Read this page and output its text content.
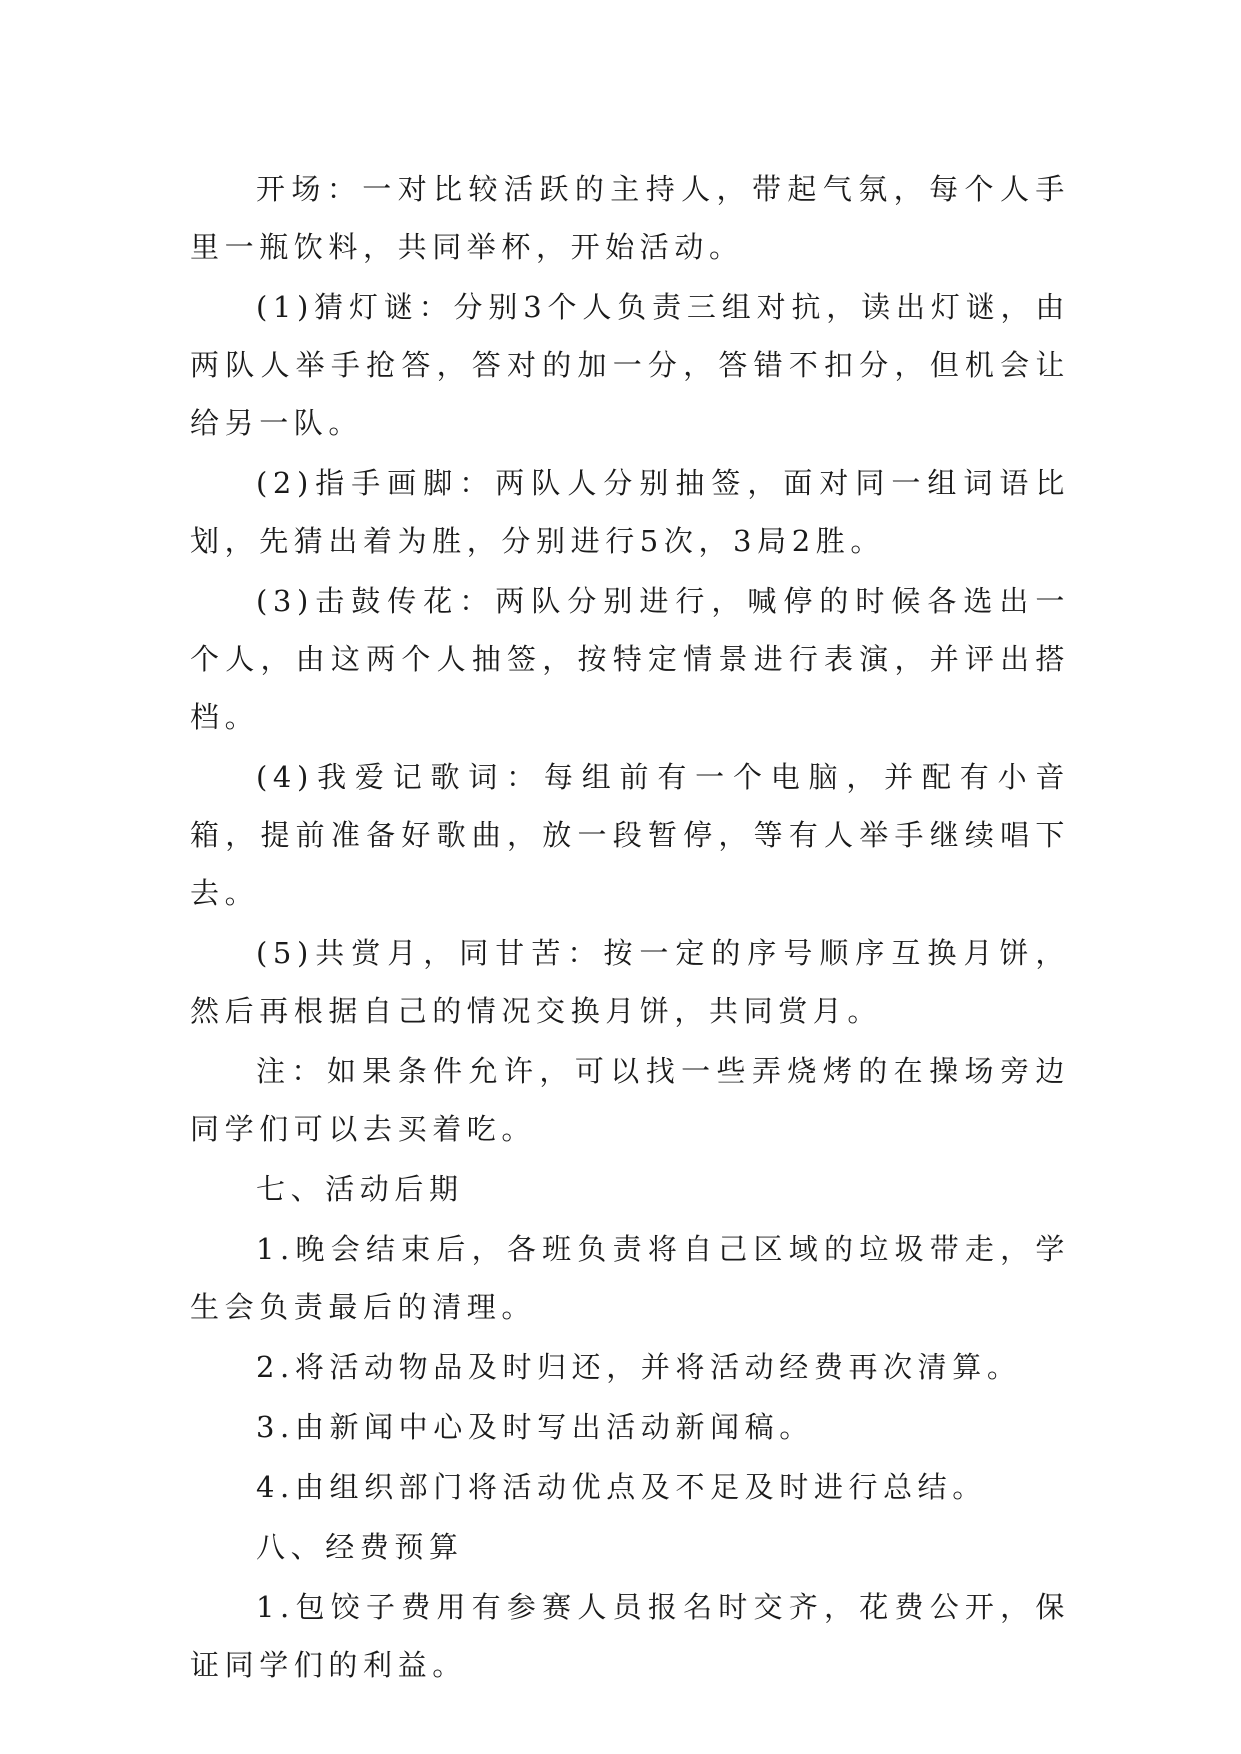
开场：一对比较活跃的主持人，带起气氛，每个人手里一瓶饮料，共同举杯，开始活动。

(1)猜灯谜：分别3个人负责三组对抗，读出灯谜，由两队人举手抢答，答对的加一分，答错不扣分，但机会让给另一队。

(2)指手画脚：两队人分别抽签，面对同一组词语比划，先猜出着为胜，分别进行5次，3局2胜。

(3)击鼓传花：两队分别进行，喊停的时候各选出一个人，由这两个人抽签，按特定情景进行表演，并评出搭档。

(4)我爱记歌词：每组前有一个电脑，并配有小音箱，提前准备好歌曲，放一段暂停，等有人举手继续唱下去。

(5)共赏月，同甘苦：按一定的序号顺序互换月饼，然后再根据自己的情况交换月饼，共同赏月。

注：如果条件允许，可以找一些弄烧烤的在操场旁边同学们可以去买着吃。

七、活动后期

1.晚会结束后，各班负责将自己区域的垃圾带走，学生会负责最后的清理。

2.将活动物品及时归还，并将活动经费再次清算。

3.由新闻中心及时写出活动新闻稿。

4.由组织部门将活动优点及不足及时进行总结。

八、经费预算

1.包饺子费用有参赛人员报名时交齐，花费公开，保证同学们的利益。
